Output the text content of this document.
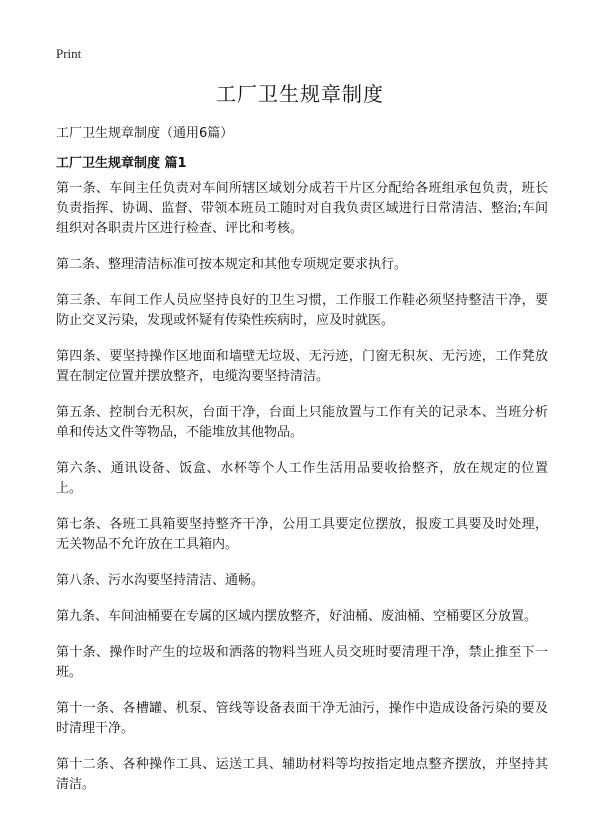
Print
工厂卫生规章制度

工厂卫生规章制度（通用6篇）

工厂卫生规章制度 篇1
第一条、车间主任负责对车间所辖区域划分成若干片区分配给各班组承包负责，班长负责指挥、协调、监督、带领本班员工随时对自我负责区域进行日常清洁、整治;车间组织对各职责片区进行检查、评比和考核。
第二条、整理清洁标准可按本规定和其他专项规定要求执行。
第三条、车间工作人员应坚持良好的卫生习惯，工作服工作鞋必须坚持整洁干净，要防止交叉污染，发现或怀疑有传染性疾病时，应及时就医。
第四条、要坚持操作区地面和墙壁无垃圾、无污迹，门窗无积灰、无污迹，工作凳放置在制定位置并摆放整齐，电缆沟要坚持清洁。
第五条、控制台无积灰，台面干净，台面上只能放置与工作有关的记录本、当班分析单和传达文件等物品，不能堆放其他物品。
第六条、通讯设备、饭盒、水杯等个人工作生活用品要收拾整齐，放在规定的位置上。
第七条、各班工具箱要坚持整齐干净，公用工具要定位摆放，报废工具要及时处理，无关物品不允许放在工具箱内。
第八条、污水沟要坚持清洁、通畅。
第九条、车间油桶要在专属的区域内摆放整齐，好油桶、废油桶、空桶要区分放置。
第十条、操作时产生的垃圾和洒落的物料当班人员交班时要清理干净，禁止推至下一班。
第十一条、各槽罐、机泵、管线等设备表面干净无油污，操作中造成设备污染的要及时清理干净。
第十二条、各种操作工具、运送工具、辅助材料等均按指定地点整齐摆放，并坚持其清洁。
